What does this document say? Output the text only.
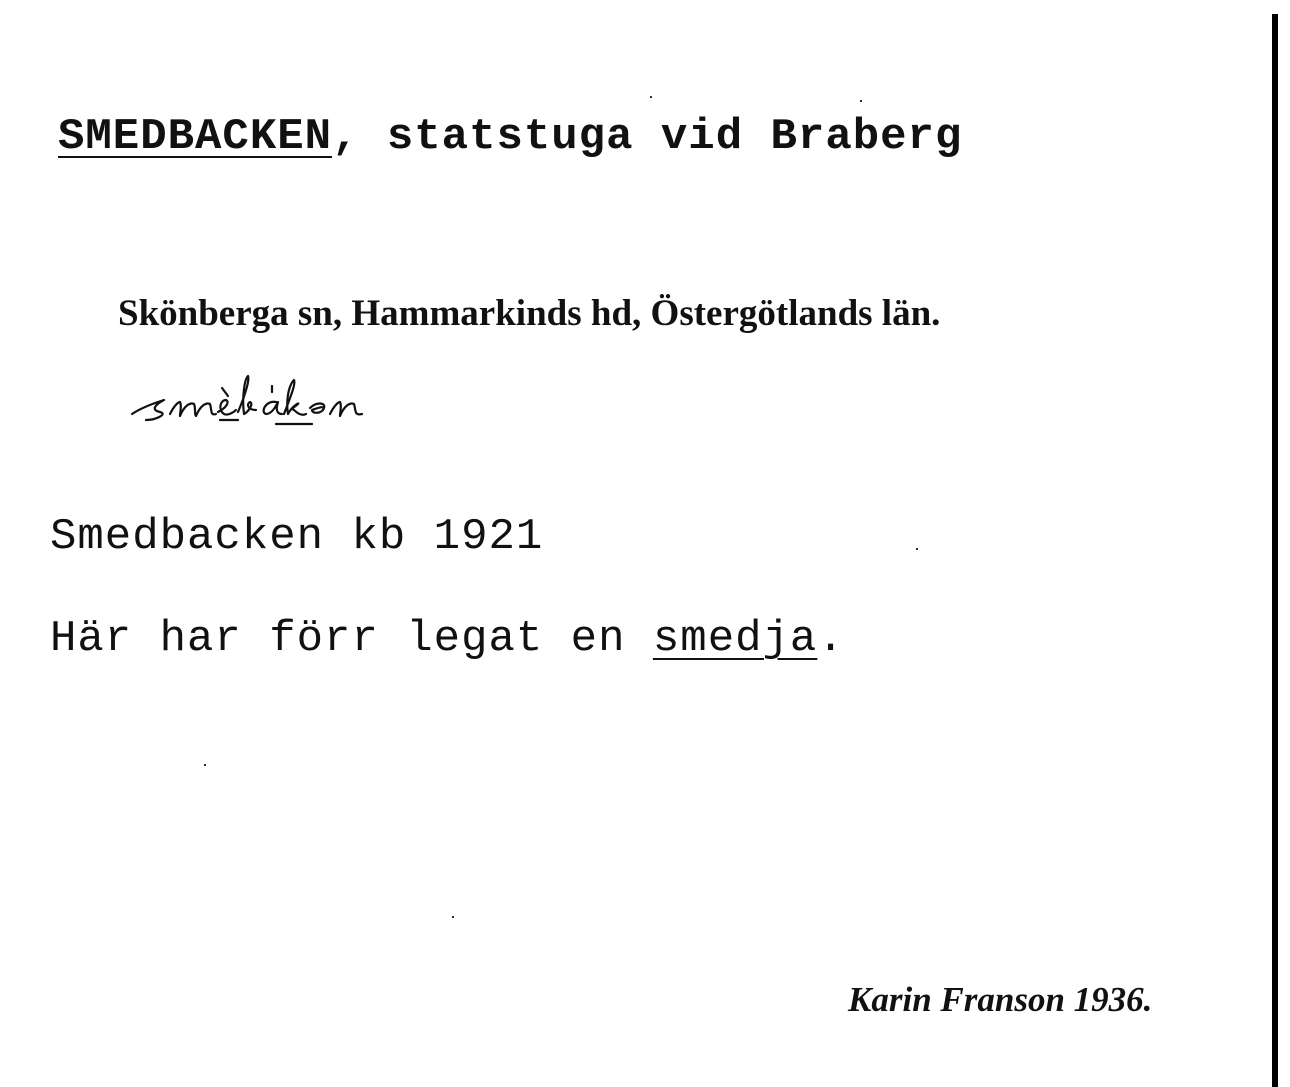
SMEDBACKEN, statstuga vid Braberg
Skönberga sn, Hammarkinds hd, Östergötlands län.
Smedbacken kb 1921
Här har förr legat en smedja.
Karin Franson 1936.
